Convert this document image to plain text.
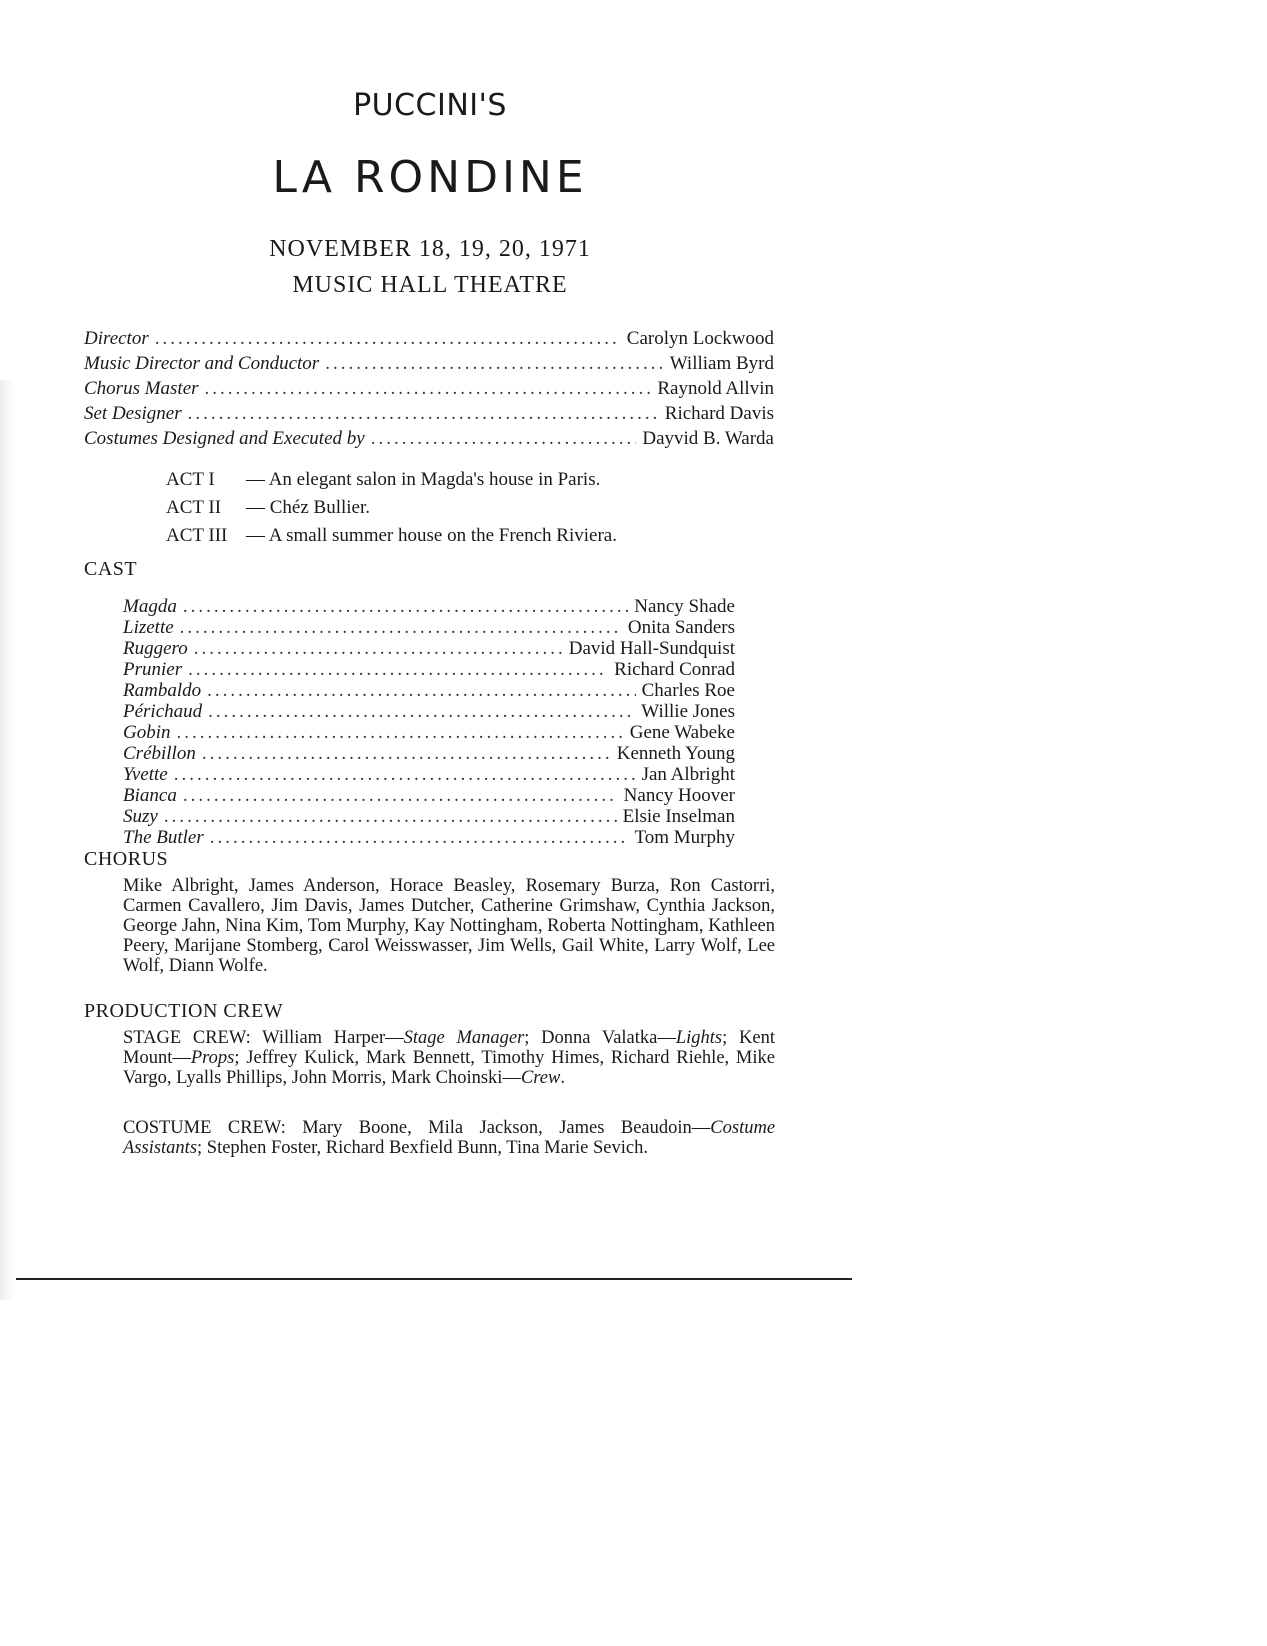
PUCCINI'S
LA RONDINE
NOVEMBER 18, 19, 20, 1971
MUSIC HALL THEATRE
Director .....	Carolyn Lockwood
Music Director and Conductor .....	William Byrd
Chorus Master .....	Raynold Allvin
Set Designer .....	Richard Davis
Costumes Designed and Executed by .....	Dayvid B. Warda
ACT I — An elegant salon in Magda's house in Paris.
ACT II — Chéz Bullier.
ACT III — A small summer house on the French Riviera.
CAST
Magda .....	Nancy Shade
Lizette .....	Onita Sanders
Ruggero .....	David Hall-Sundquist
Prunier .....	Richard Conrad
Rambaldo .....	Charles Roe
Périchaud .....	Willie Jones
Gobin .....	Gene Wabeke
Crébillon .....	Kenneth Young
Yvette .....	Jan Albright
Bianca .....	Nancy Hoover
Suzy .....	Elsie Inselman
The Butler .....	Tom Murphy
CHORUS
Mike Albright, James Anderson, Horace Beasley, Rosemary Burza, Ron Castorri, Carmen Cavallero, Jim Davis, James Dutcher, Catherine Grimshaw, Cynthia Jackson, George Jahn, Nina Kim, Tom Murphy, Kay Nottingham, Roberta Nottingham, Kathleen Peery, Marijane Stomberg, Carol Weisswasser, Jim Wells, Gail White, Larry Wolf, Lee Wolf, Diann Wolfe.
PRODUCTION CREW
STAGE CREW: William Harper—Stage Manager; Donna Valatka—Lights; Kent Mount—Props; Jeffrey Kulick, Mark Bennett, Timothy Himes, Richard Riehle, Mike Vargo, Lyalls Phillips, John Morris, Mark Choinski—Crew.
COSTUME CREW: Mary Boone, Mila Jackson, James Beaudoin—Costume Assistants; Stephen Foster, Richard Bexfield Bunn, Tina Marie Sevich.
